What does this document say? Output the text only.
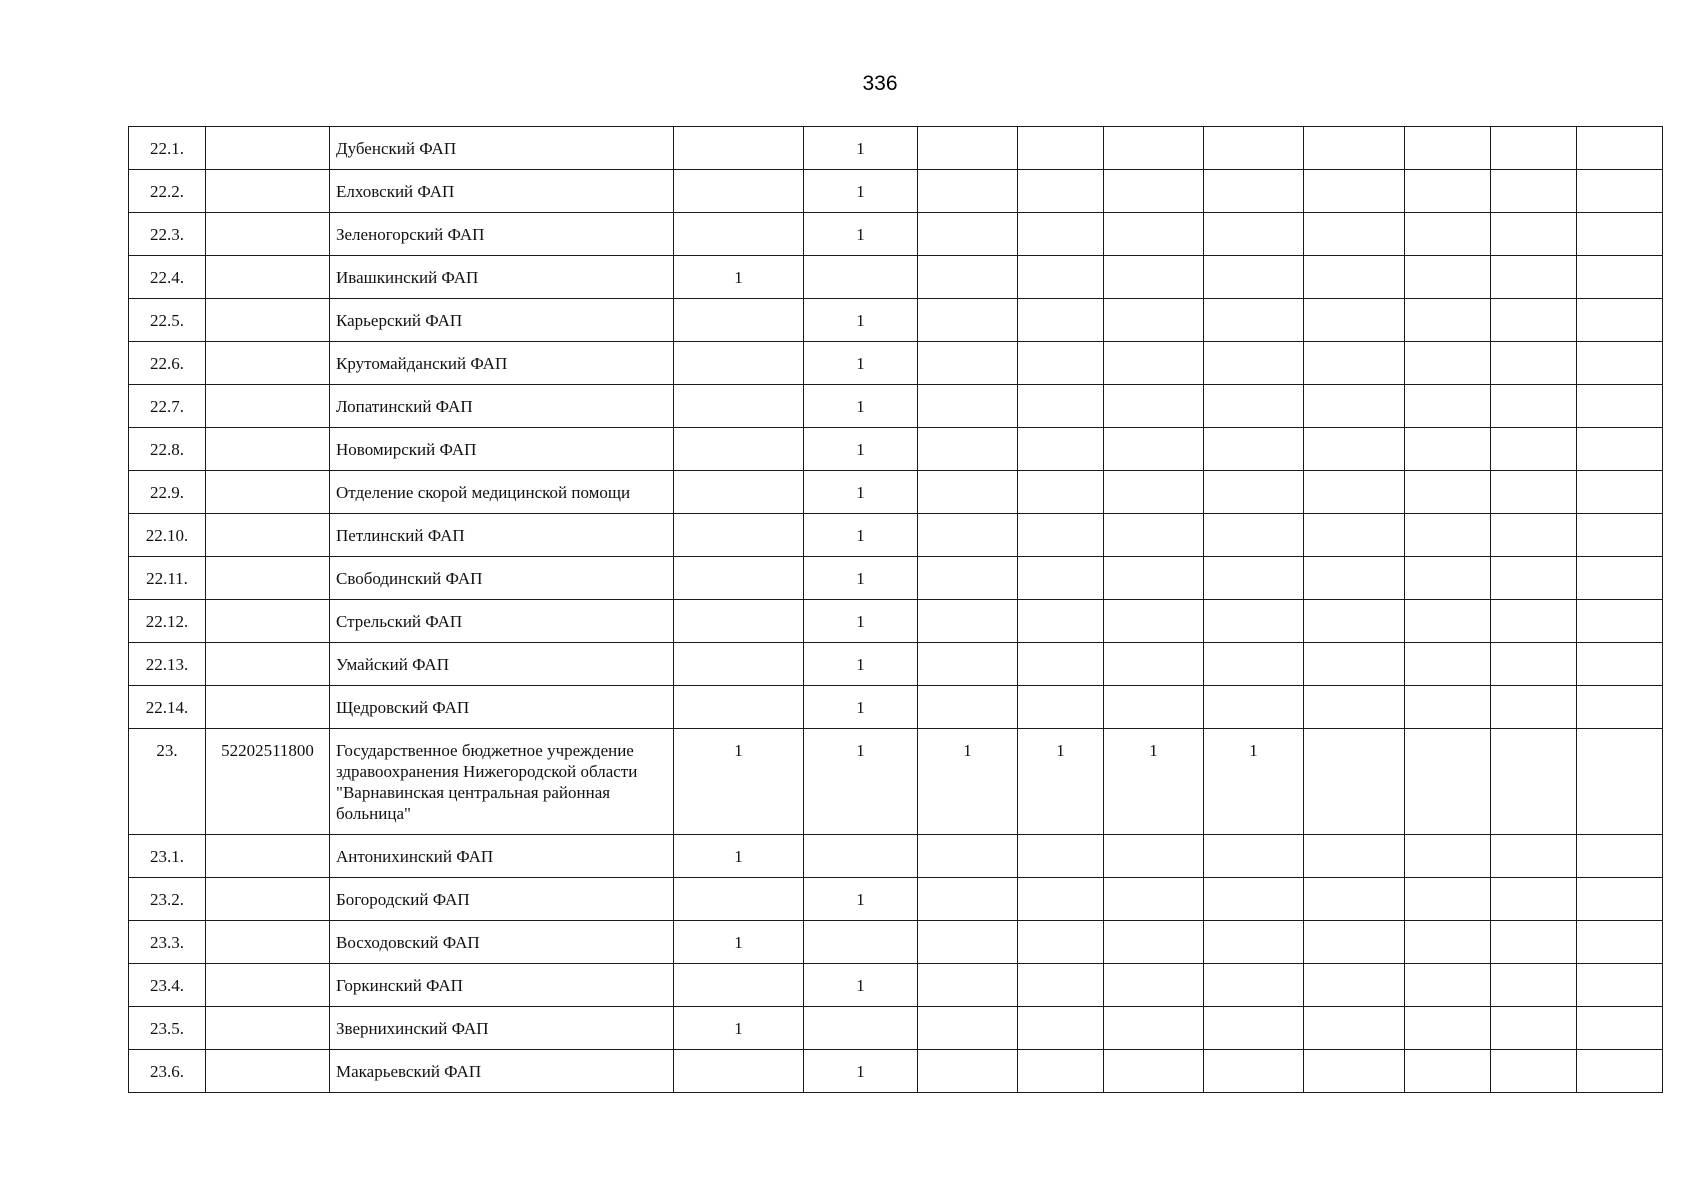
336
22.1.		Дубенский ФАП		1								
22.2.		Елховский ФАП		1								
22.3.		Зеленогорский ФАП		1								
22.4.		Ивашкинский ФАП	1									
22.5.		Карьерский ФАП		1								
22.6.		Крутомайданский ФАП		1								
22.7.		Лопатинский ФАП		1								
22.8.		Новомирский ФАП		1								
22.9.		Отделение скорой медицинской помощи		1								
22.10.		Петлинский ФАП		1								
22.11.		Свободинский ФАП		1								
22.12.		Стрельский ФАП		1								
22.13.		Умайский ФАП		1								
22.14.		Щедровский ФАП		1								
23.	52202511800	Государственное бюджетное учреждение здравоохранения Нижегородской области "Варнавинская центральная районная больница"	1	1	1	1	1	1				
23.1.		Антонихинский ФАП	1									
23.2.		Богородский ФАП		1								
23.3.		Восходовский ФАП	1									
23.4.		Горкинский ФАП		1								
23.5.		Звернихинский ФАП	1									
23.6.		Макарьевский ФАП		1								
